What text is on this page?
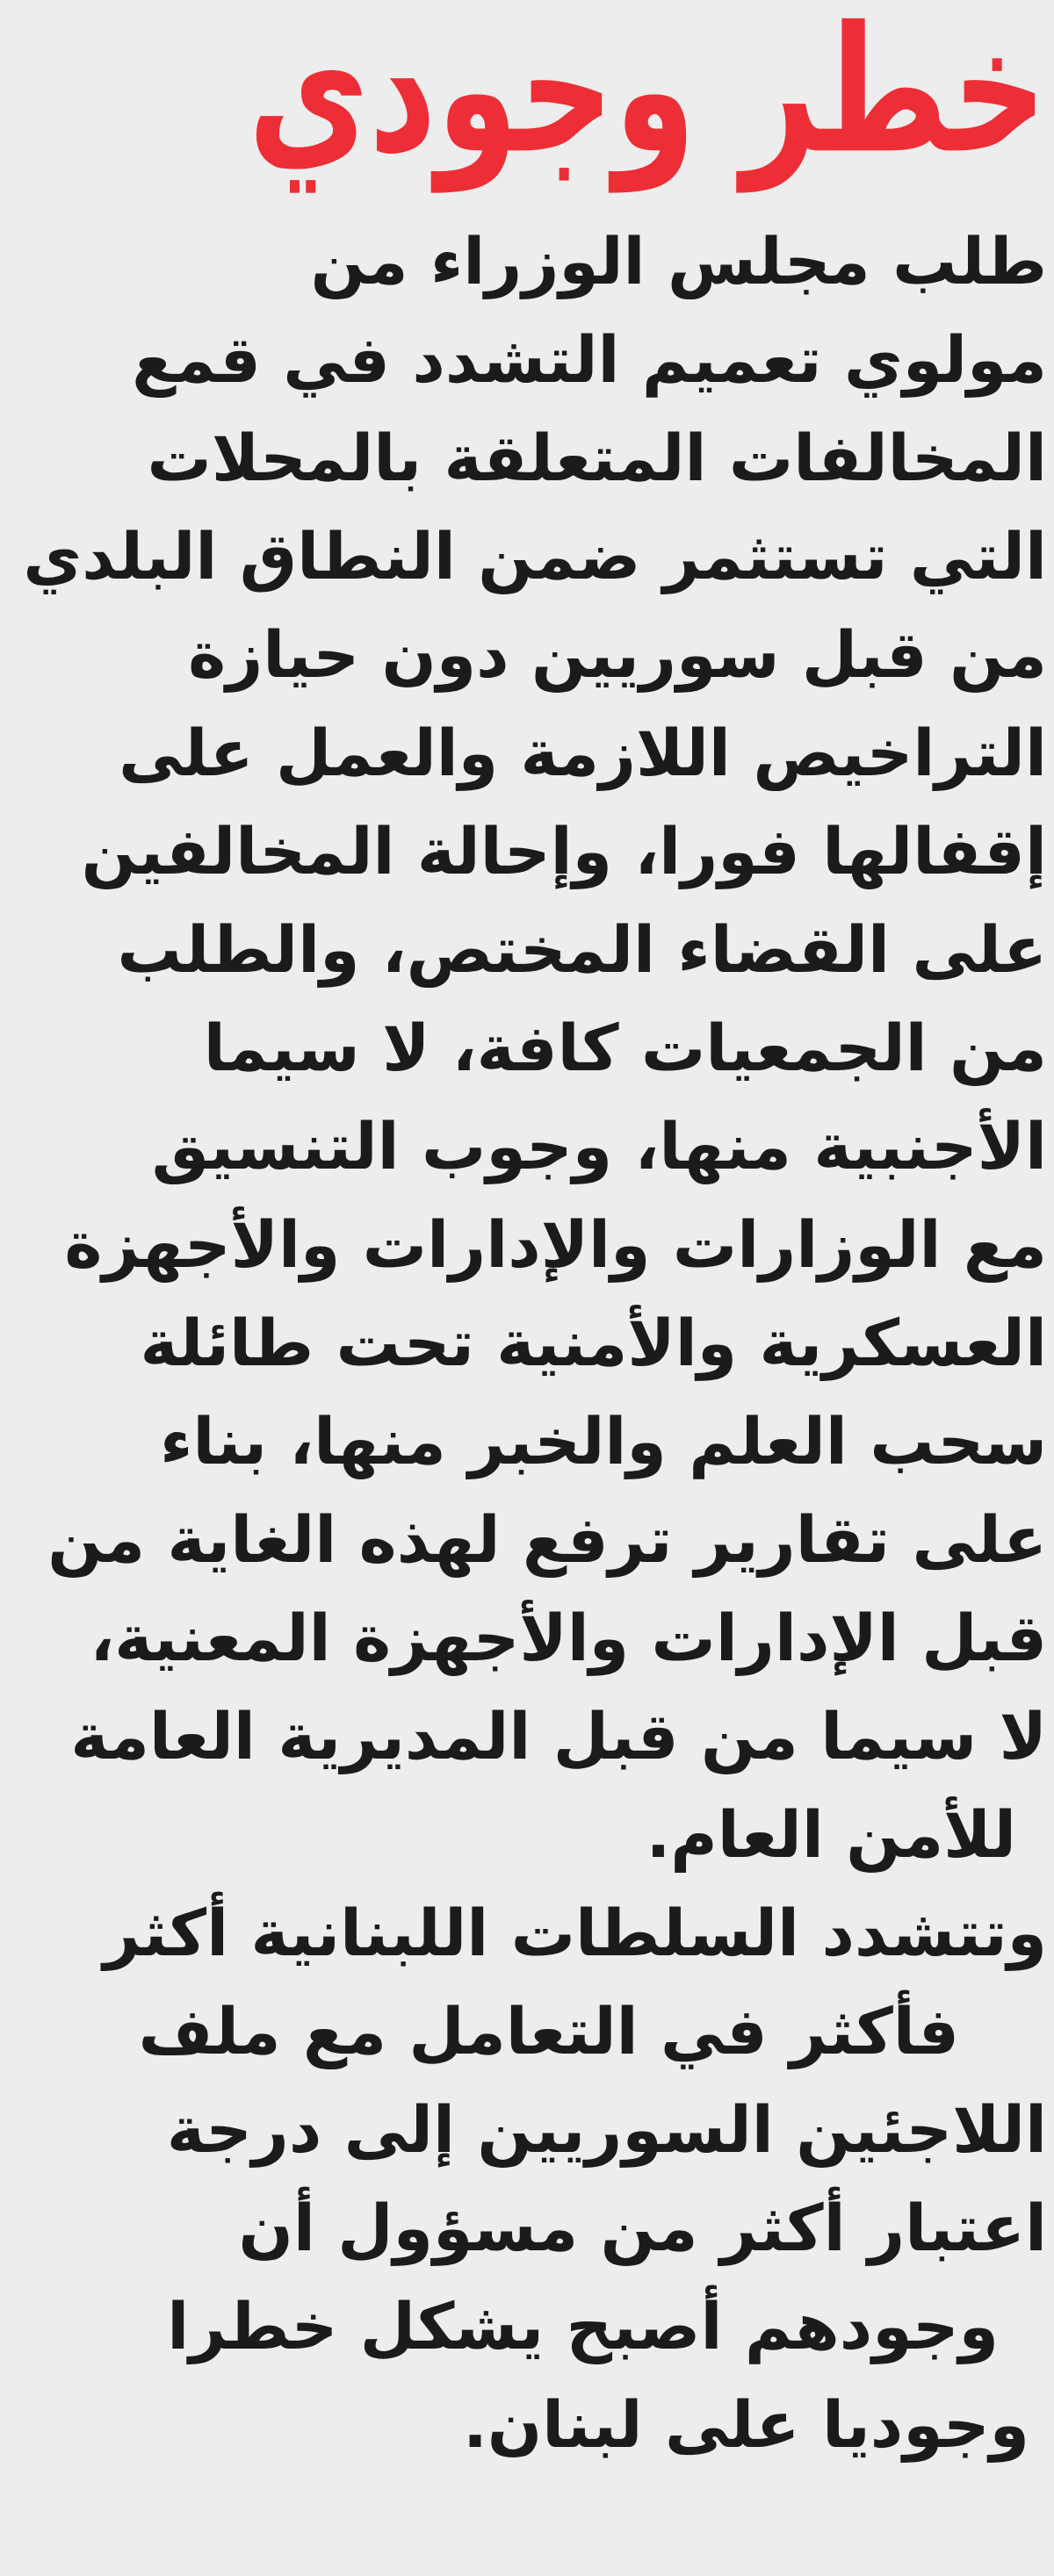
خطر وجودي
طلب مجلس الوزراء من
مولوي تعميم التشدد في قمع
المخالفات المتعلقة بالمحلات
التي تستثمر ضمن النطاق البلدي
من قبل سوريين دون حيازة
التراخيص اللازمة والعمل على
إقفالها فورا، وإحالة المخالفين
على القضاء المختص، والطلب
من الجمعيات كافة، لا سيما
الأجنبية منها، وجوب التنسيق
مع الوزارات والإدارات والأجهزة
العسكرية والأمنية تحت طائلة
سحب العلم والخبر منها، بناء
على تقارير ترفع لهذه الغاية من
قبل الإدارات والأجهزة المعنية،
لا سيما من قبل المديرية العامة
للأمن العام.
وتتشدد السلطات اللبنانية أكثر
فأكثر في التعامل مع ملف
اللاجئين السوريين إلى درجة
اعتبار أكثر من مسؤول أن
وجودهم أصبح يشكل خطرا
وجوديا على لبنان.
